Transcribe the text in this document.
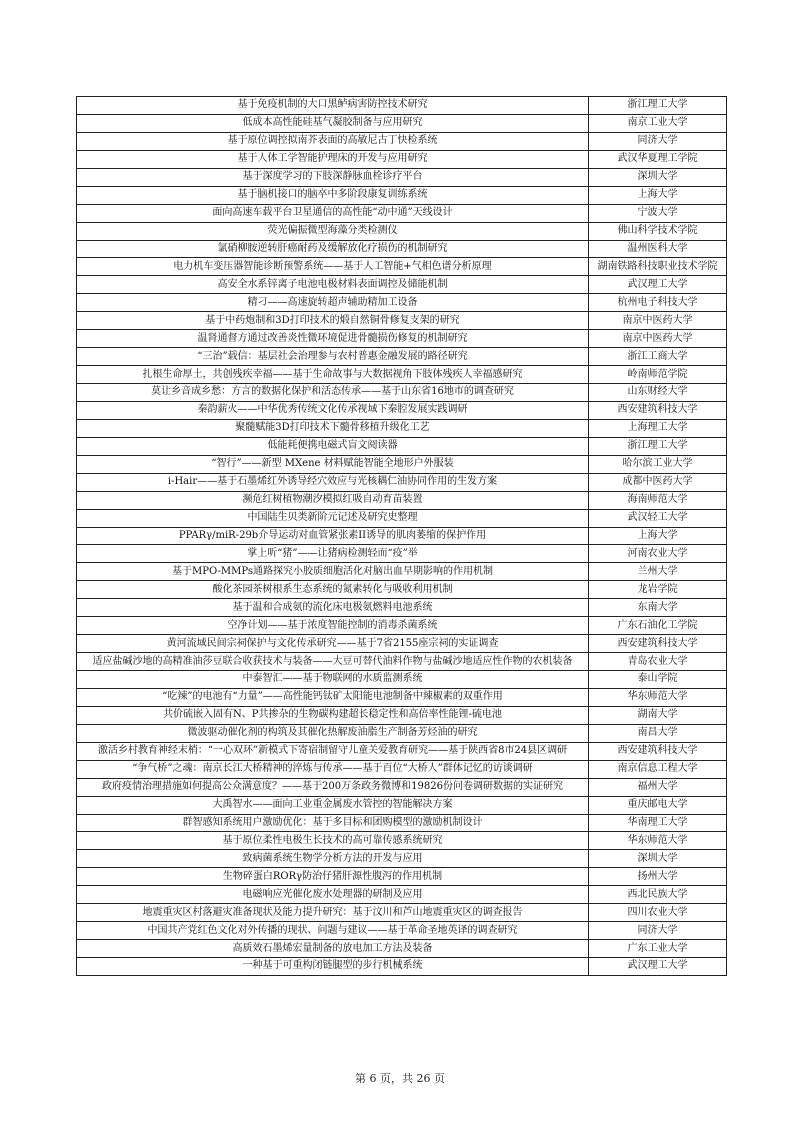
基于免疫机制的大口黑鲈病害防控技术研究	浙江理工大学
低成本高性能硅基气凝胶制备与应用研究	南京工业大学
基于原位调控拟南芥表面的高敏尼古丁快检系统	同济大学
基于人体工学智能护理床的开发与应用研究	武汉华夏理工学院
基于深度学习的下肢深静脉血栓诊疗平台	深圳大学
基于脑机接口的脑卒中多阶段康复训练系统	上海大学
面向高速车载平台卫星通信的高性能“动中通”天线设计	宁波大学
荧光偏振微型海藻分类检测仪	佛山科学技术学院
氯硝柳胺逆转肝癌耐药及缓解放化疗损伤的机制研究	温州医科大学
电力机车变压器智能诊断预警系统——基于人工智能+气相色谱分析原理	湖南铁路科技职业技术学院
高安全水系锌离子电池电极材料表面调控及储能机制	武汉理工大学
精刁——高速旋转超声辅助精加工设备	杭州电子科技大学
基于中药炮制和3D打印技术的煅自然铜骨修复支架的研究	南京中医药大学
温肾通督方通过改善炎性微环境促进骨髓损伤修复的机制研究	南京中医药大学
“三治”载信：基层社会治理参与农村普惠金融发展的路径研究	浙江工商大学
扎根生命厚土，共创残疾幸福——基于生命故事与大数据视角下肢体残疾人幸福感研究	岭南师范学院
莫让乡音成乡愁：方言的数据化保护和活态传承——基于山东省16地市的调查研究	山东财经大学
秦韵薪火——中华优秀传统文化传承视域下秦腔发展实践调研	西安建筑科技大学
聚髓赋能3D打印技术下髓骨移植升级化工艺	上海理工大学
低能耗便携电磁式盲文阅读器	浙江理工大学
“智行”——新型 MXene 材料赋能智能全地形户外服装	哈尔滨工业大学
i-Hair——基于石墨烯红外诱导经穴效应与光核耦仁油协同作用的生发方案	成都中医药大学
濒危红树植物潮汐模拟红吸自动育苗装置	海南师范大学
中国陆生贝类新阶元记述及研究史整理	武汉轻工大学
PPARγ/miR-29b介导运动对血管紧张素II诱导的肌肉萎缩的保护作用	上海大学
掌上听“猪”——让猪病检测轻而“疫”举	河南农业大学
基于MPO-MMPs通路探究小胶质细胞活化对脑出血早期影响的作用机制	兰州大学
酸化茶园茶树根系生态系统的氮素转化与吸收利用机制	龙岩学院
基于温和合成氨的流化床电极氨燃料电池系统	东南大学
空净计划——基于浓度智能控制的消毒杀菌系统	广东石油化工学院
黄河流域民间宗祠保护与文化传承研究——基于7省2155座宗祠的实证调查	西安建筑科技大学
适应盐碱沙地的高精准油莎豆联合收获技术与装备——大豆可替代油料作物与盐碱沙地适应性作物的农机装备	青岛农业大学
中泰智汇——基于物联网的水质监测系统	泰山学院
“吃辣”的电池有“力量”——高性能钙钛矿太阳能电池制备中辣椒素的双重作用	华东师范大学
共价硫嵌入固有N、P共掺杂的生物碳构建超长稳定性和高倍率性能锂-硫电池	湖南大学
微波驱动催化剂的构筑及其催化热解废油脂生产制备芳烃油的研究	南昌大学
激活乡村教育神经末梢：“一心双环”新模式下寄宿制留守儿童关爱教育研究——基于陕西省8市24县区调研	西安建筑科技大学
“争气桥”之魂：南京长江大桥精神的淬炼与传承——基于百位“大桥人”群体记忆的访谈调研	南京信息工程大学
政府疫情治理措施如何提高公众满意度？——基于200万条政务微博和19826份问卷调研数据的实证研究	福州大学
大禹智水——面向工业重金属废水管控的智能解决方案	重庆邮电大学
群智感知系统用户激励优化：基于多目标和团购模型的激励机制设计	华南理工大学
基于原位柔性电极生长技术的高可靠传感系统研究	华东师范大学
致病菌系统生物学分析方法的开发与应用	深圳大学
生物碎蛋白RORγ防治仔猪肝源性腹泻的作用机制	扬州大学
电磁响应光催化废水处理器的研制及应用	西北民族大学
地震重灾区村落避灾准备现状及能力提升研究：基于汶川和芦山地震重灾区的调查报告	四川农业大学
中国共产党红色文化对外传播的现状、问题与建议——基于革命圣地英译的调查研究	同济大学
高质效石墨烯宏量制备的放电加工方法及装备	广东工业大学
一种基于可重构闭链腿型的步行机械系统	武汉理工大学
第 6 页，共 26 页
